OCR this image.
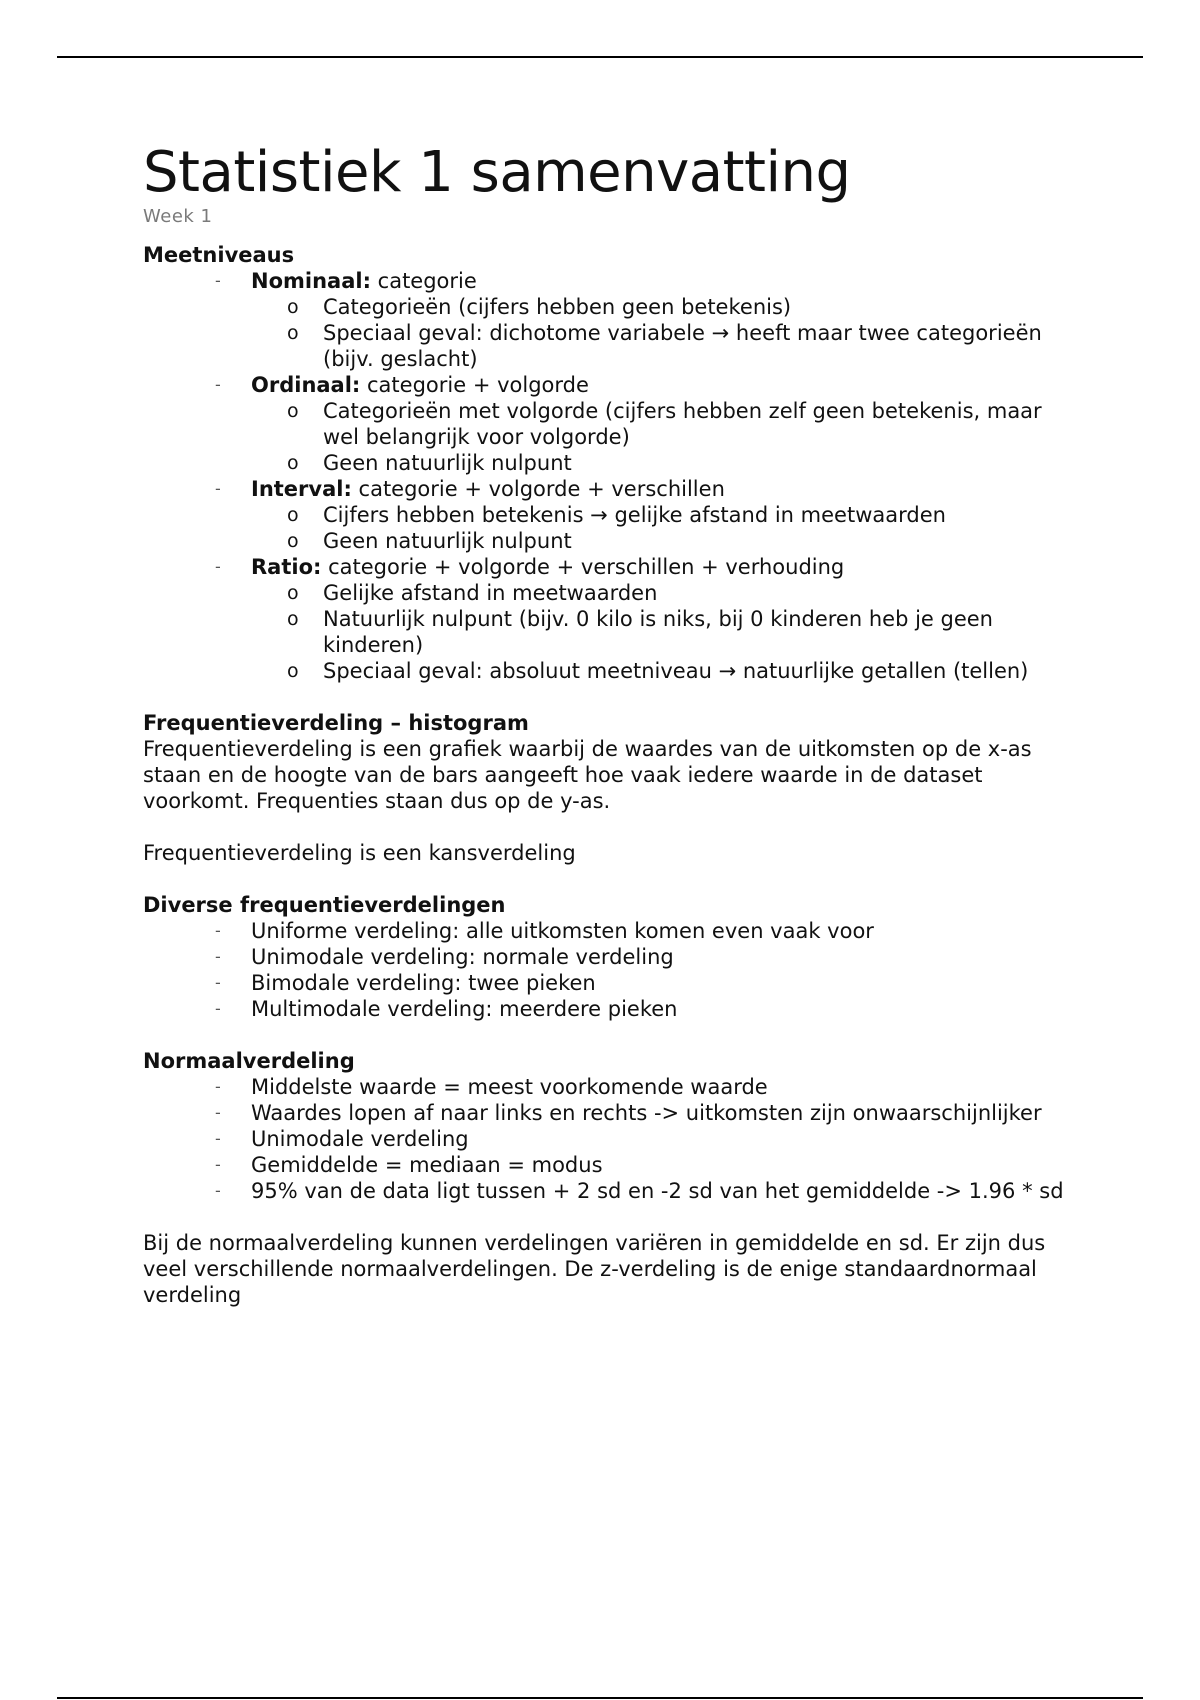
Statistiek 1 samenvatting
Week 1
Meetniveaus
- Nominaal: categorie
o Categorieën (cijfers hebben geen betekenis)
o Speciaal geval: dichotome variabele → heeft maar twee categorieën (bijv. geslacht)
- Ordinaal: categorie + volgorde
o Categorieën met volgorde (cijfers hebben zelf geen betekenis, maar wel belangrijk voor volgorde)
o Geen natuurlijk nulpunt
- Interval: categorie + volgorde + verschillen
o Cijfers hebben betekenis → gelijke afstand in meetwaarden
o Geen natuurlijk nulpunt
- Ratio: categorie + volgorde + verschillen + verhouding
o Gelijke afstand in meetwaarden
o Natuurlijk nulpunt (bijv. 0 kilo is niks, bij 0 kinderen heb je geen kinderen)
o Speciaal geval: absoluut meetniveau → natuurlijke getallen (tellen)
Frequentieverdeling – histogram

Frequentieverdeling is een grafiek waarbij de waardes van de uitkomsten op de x-as staan en de hoogte van de bars aangeeft hoe vaak iedere waarde in de dataset voorkomt. Frequenties staan dus op de y-as.

Frequentieverdeling is een kansverdeling

Diverse frequentieverdelingen
- Uniforme verdeling: alle uitkomsten komen even vaak voor
- Unimodale verdeling: normale verdeling
- Bimodale verdeling: twee pieken
- Multimodale verdeling: meerdere pieken
Normaalverdeling
- Middelste waarde = meest voorkomende waarde
- Waardes lopen af naar links en rechts -> uitkomsten zijn onwaarschijnlijker
- Unimodale verdeling
- Gemiddelde = mediaan = modus
- 95% van de data ligt tussen + 2 sd en -2 sd van het gemiddelde -> 1.96 * sd

Bij de normaalverdeling kunnen verdelingen variëren in gemiddelde en sd. Er zijn dus veel verschillende normaalverdelingen. De z-verdeling is de enige standaardnormaal verdeling
